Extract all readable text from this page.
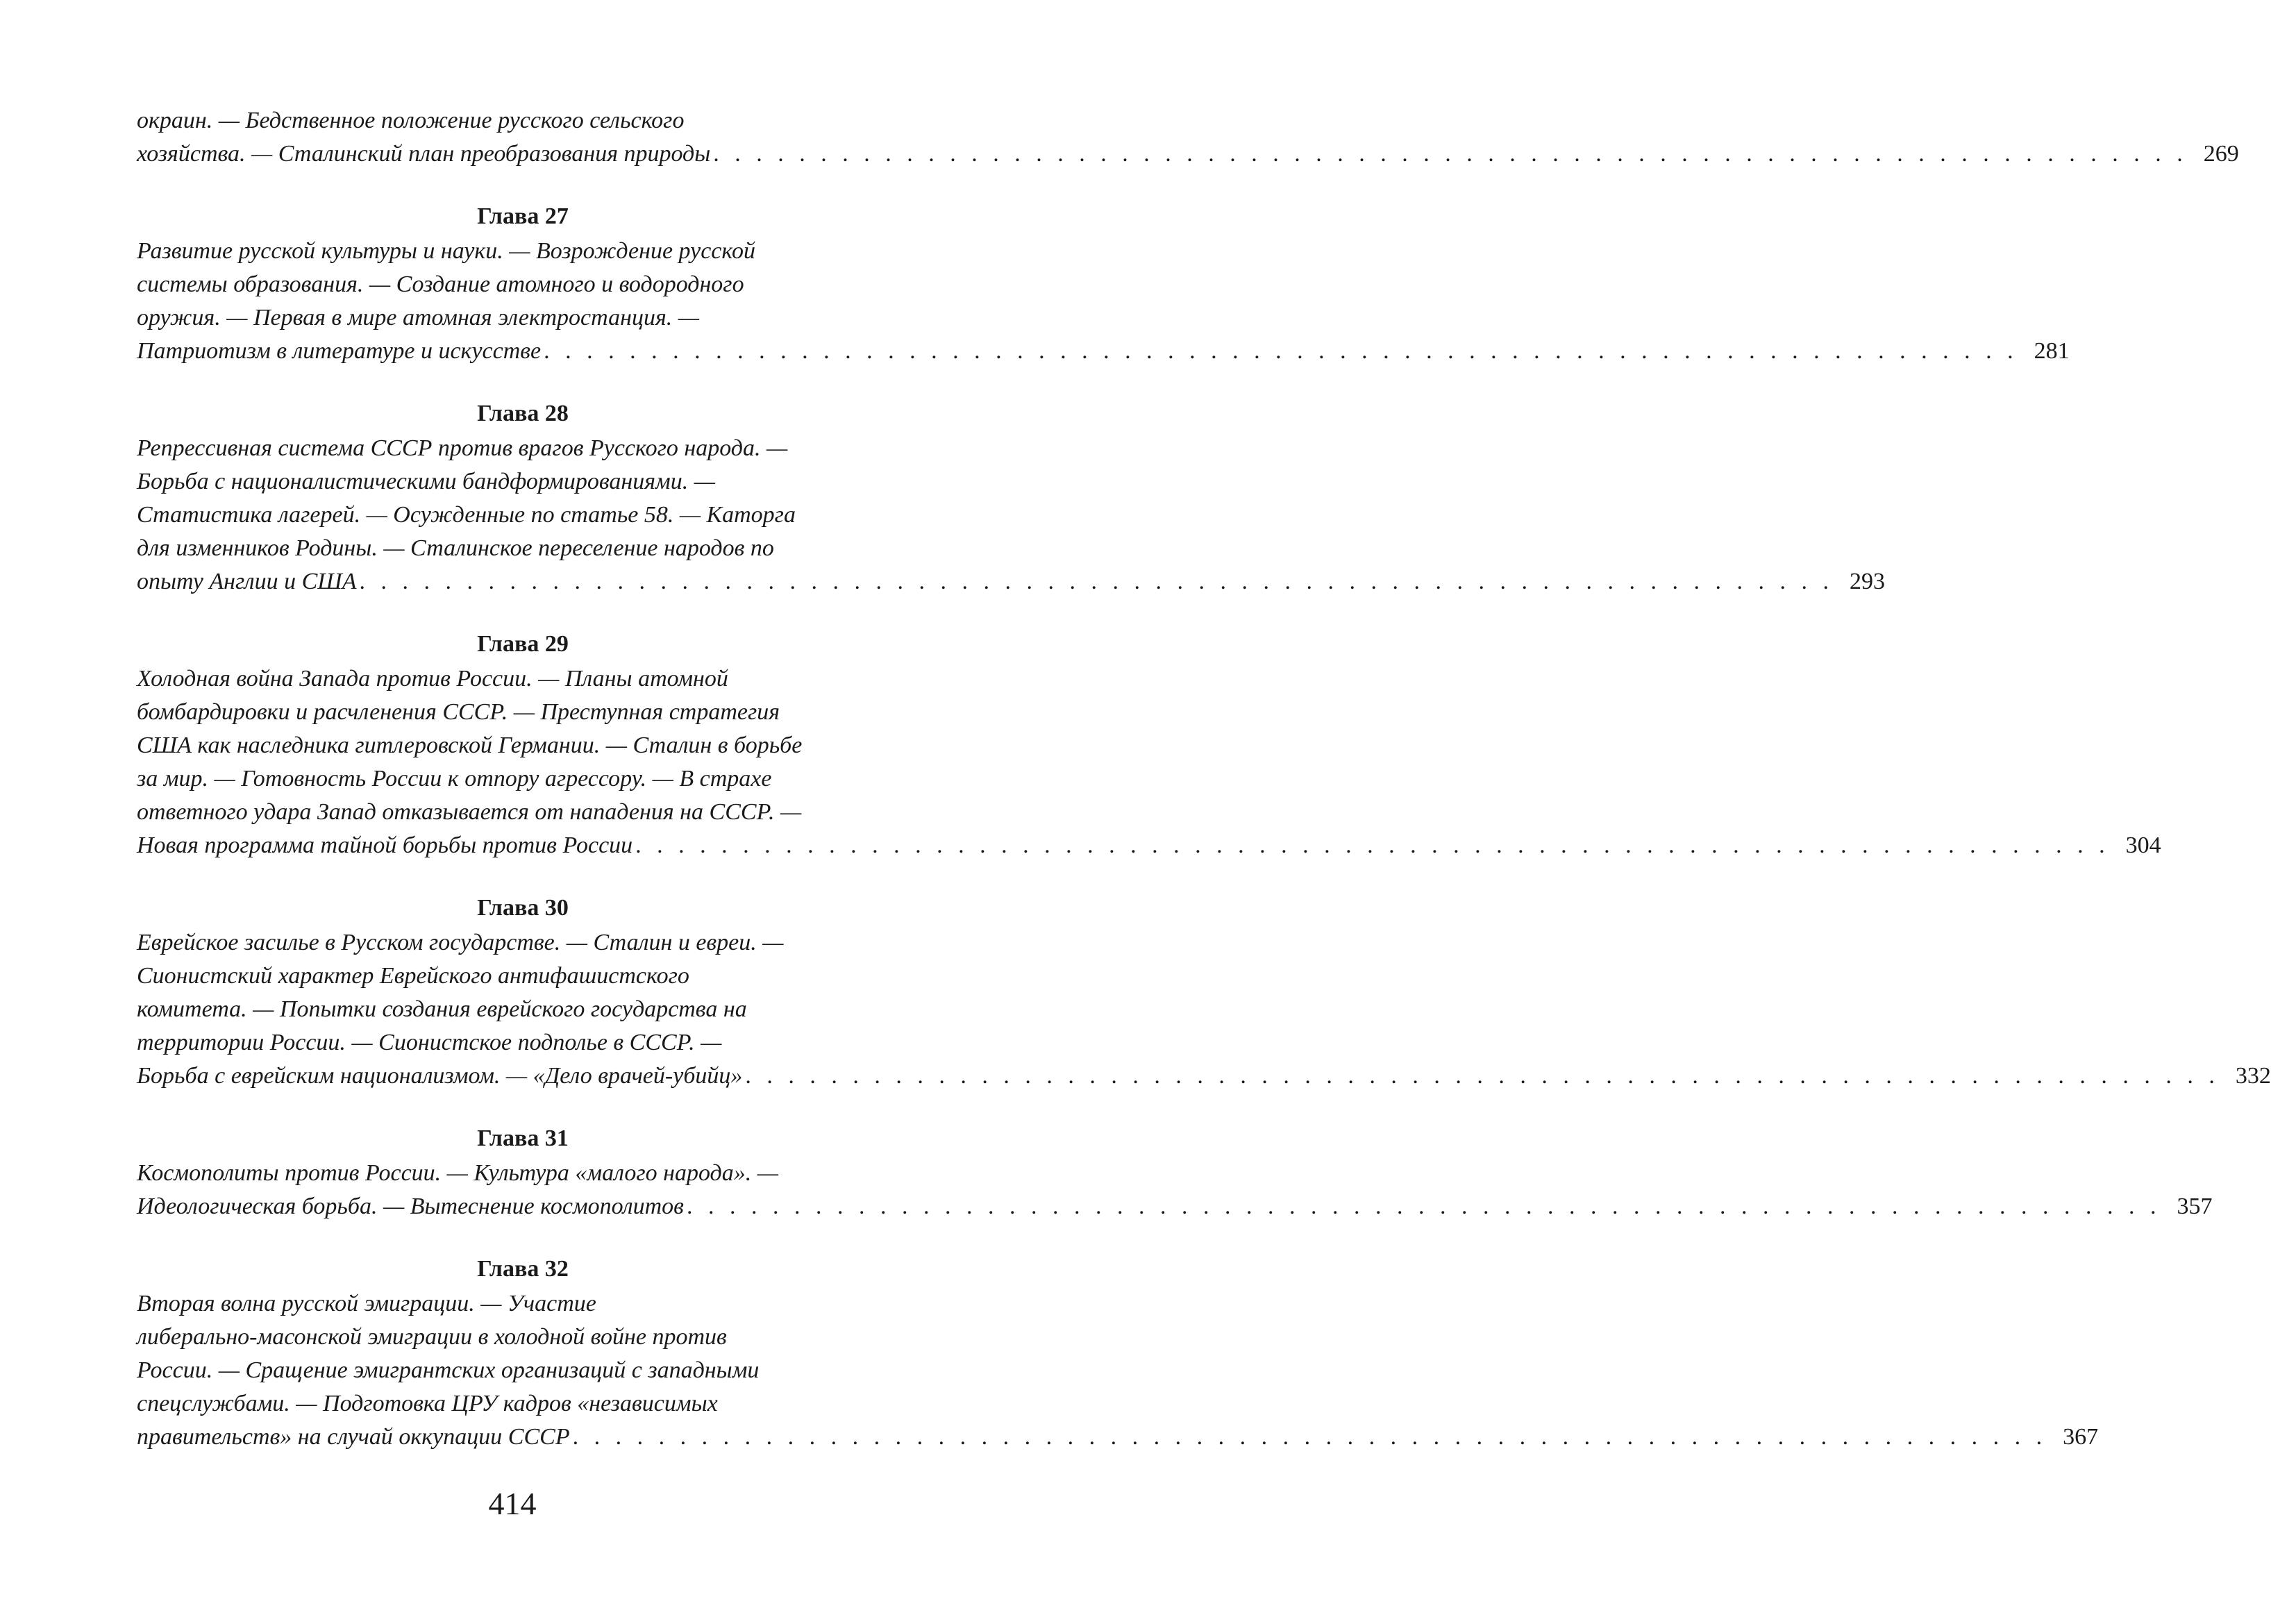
окраин. — Бедственное положение русского сельского
хозяйства. — Сталинский план преобразования природы . . . . . . . . . . . . . . . . . . . . . . . . . . . . . . . . . . . . . . . . . . . . . . . . . . . . . . . . . . . . . . . . . . . . . 269
Глава 27
Развитие русской культуры и науки. — Возрождение русской
системы образования. — Создание атомного и водородного
оружия. — Первая в мире атомная электростанция. —
Патриотизм в литературе и искусстве . . . . . . . . . . . . . . . . . . . . . . . . . . . . . . . . . . . . . . . . . . . . . . . . . . . . . . . . . . . . . . . . . . . . . 281
Глава 28
Репрессивная система СССР против врагов Русского народа. —
Борьба с националистическими бандформированиями. —
Статистика лагерей. — Осужденные по статье 58. — Каторга
для изменников Родины. — Сталинское переселение народов по
опыту Англии и США . . . . . . . . . . . . . . . . . . . . . . . . . . . . . . . . . . . . . . . . . . . . . . . . . . . . . . . . . . . . . . . . . . . . . 293
Глава 29
Холодная война Запада против России. — Планы атомной
бомбардировки и расчленения СССР. — Преступная стратегия
США как наследника гитлеровской Германии. — Сталин в борьбе
за мир. — Готовность России к отпору агрессору. — В страхе
ответного удара Запад отказывается от нападения на СССР. —
Новая программа тайной борьбы против России . . . . . . . . . . . . . . . . . . . . . . . . . . . . . . . . . . . . . . . . . . . . . . . . . . . . . . . . . . . . . . . . . . . . . 304
Глава 30
Еврейское засилье в Русском государстве. — Сталин и евреи. —
Сионистский характер Еврейского антифашистского
комитета. — Попытки создания еврейского государства на
территории России. — Сионистское подполье в СССР. —
Борьба с еврейским национализмом. — «Дело врачей-убийц» . . . . . . . . . . . . . . . . . . . . . . . . . . . . . . . . . . . . . . . . . . . . . . . . . . . . . . . . . . . . . . . . . . . . . 332
Глава 31
Космополиты против России. — Культура «малого народа». —
Идеологическая борьба. — Вытеснение космополитов . . . . . . . . . . . . . . . . . . . . . . . . . . . . . . . . . . . . . . . . . . . . . . . . . . . . . . . . . . . . . . . . . . . . . 357
Глава 32
Вторая волна русской эмиграции. — Участие
либерально-масонской эмиграции в холодной войне против
России. — Сращение эмигрантских организаций с западными
спецслужбами. — Подготовка ЦРУ кадров «независимых
правительств» на случай оккупации СССР . . . . . . . . . . . . . . . . . . . . . . . . . . . . . . . . . . . . . . . . . . . . . . . . . . . . . . . . . . . . . . . . . . . . . 367
414
